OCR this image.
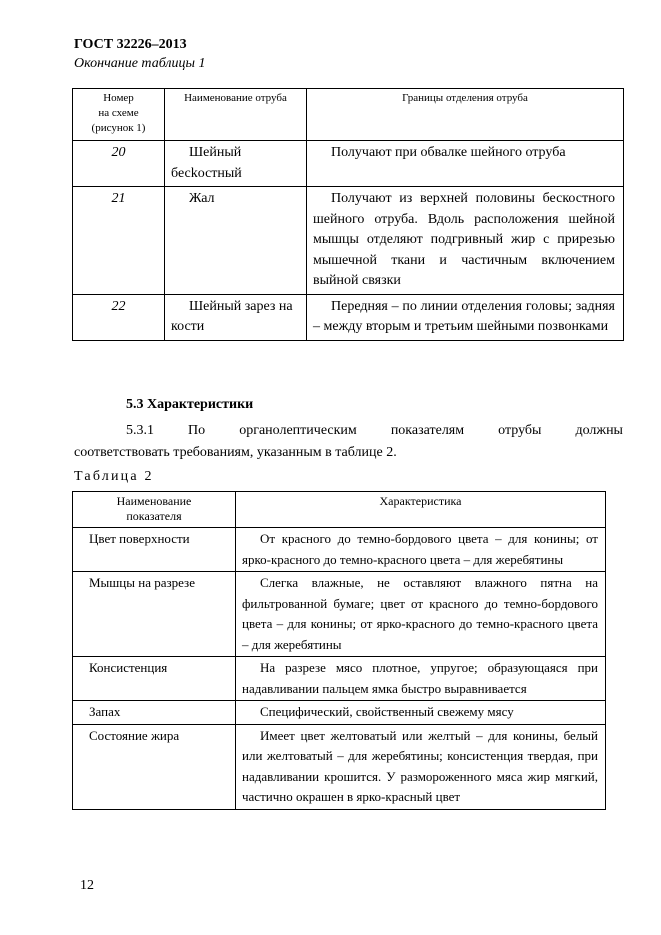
ГОСТ 32226–2013
Окончание таблицы 1
Номер
на схеме
(рисунок 1)	Наименование отруба	Границы отделения отруба
20	Шейный бесkостный	Получают при обвалке шейного отруба
21	Жал	Получают из верхней половины бескостного шейного отруба. Вдоль расположения шейной мышцы отделяют подгривный жир с прирезью мышечной ткани и частичным включением выйной связки
22	Шейный зарез на кости	Передняя – по линии отделения головы; задняя – между вторым и третьим шейными позвонками
5.3 Характеристики
5.3.1 По органолептическим показателям отрубы должны
соответствовать требованиям, указанным в таблице 2.
Таблица 2
Наименование
показателя	Характеристика
Цвет поверхности	От красного до темно-бордового цвета – для конины; от ярко-красного до темно-красного цвета – для жеребятины
Мышцы на разрезе	Слегка влажные, не оставляют влажного пятна на фильтрованной бумаге; цвет от красного до темно-бордового цвета – для конины; от ярко-красного до темно-красного цвета – для жеребятины
Консистенция	На разрезе мясо плотное, упругое; образующаяся при надавливании пальцем ямка быстро выравнивается
Запах	Специфический, свойственный свежему мясу
Состояние жира	Имеет цвет желтоватый или желтый – для конины, белый или желтоватый – для жеребятины; консистенция твердая, при надавливании крошится. У размороженного мяса жир мягкий, частично окрашен в ярко-красный цвет
12
